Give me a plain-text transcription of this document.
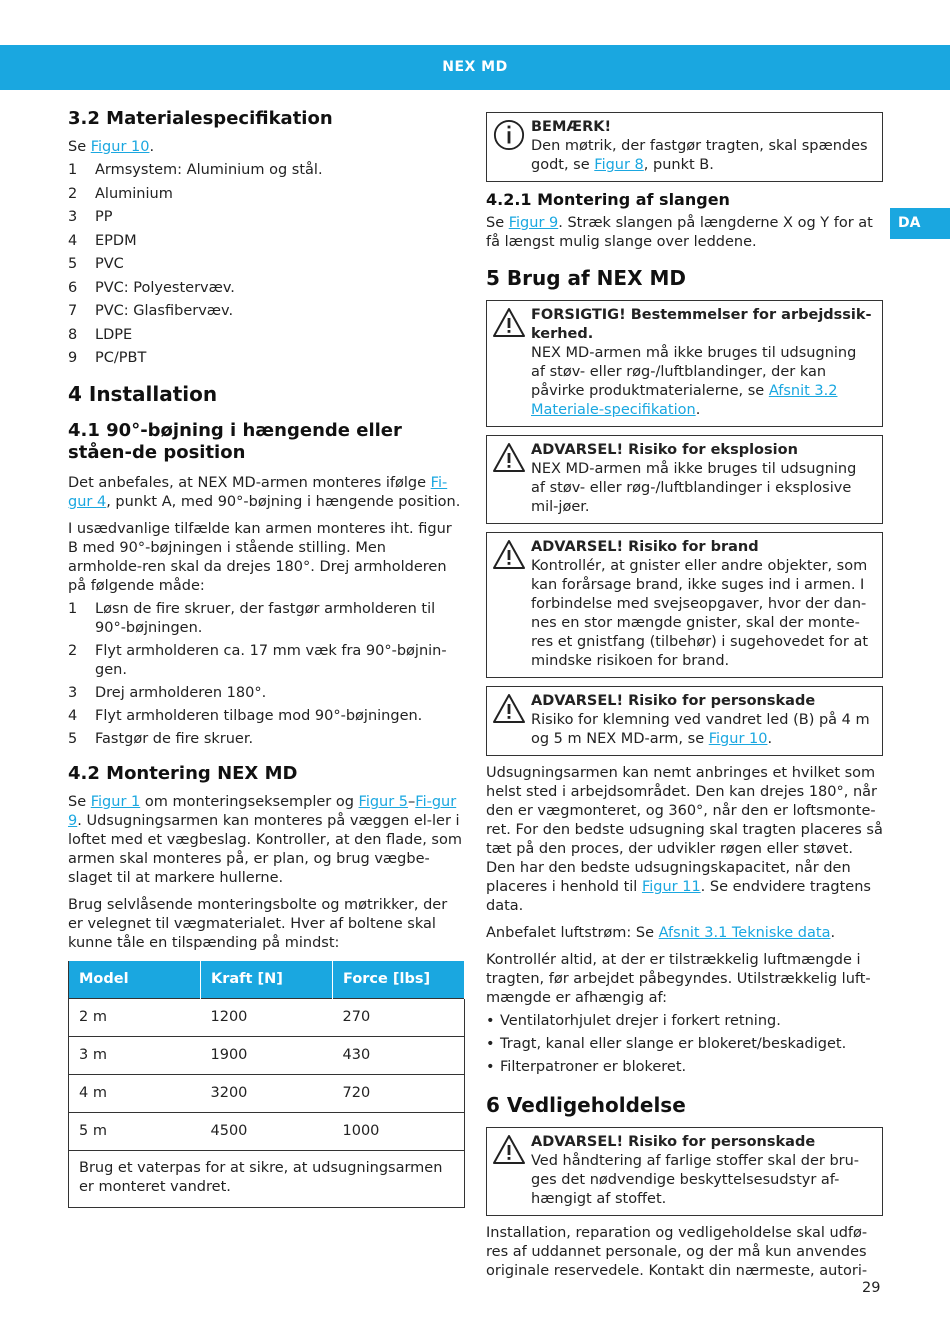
NEX MD
DA
3.2 Materialespecifikation

Se Figur 10.

1	Armsystem: Aluminium og stål.
2	Aluminium
3	PP
4	EPDM
5	PVC
6	PVC: Polyestervæv.
7	PVC: Glasfibervæv.
8	LDPE
9	PC/PBT
4 Installation
4.1 90°-bøjning i hængende eller ståen-de position

Det anbefales, at NEX MD-armen monteres ifølge Fi-gur 4, punkt A, med 90°-bøjning i hængende position.

I usædvanlige tilfælde kan armen monteres iht. figur B med 90°-bøjningen i stående stilling. Men armholde-ren skal da drejes 180°. Drej armholderen på følgende måde:

1	Løsn de fire skruer, der fastgør armholderen til 90°-bøjningen.
2	Flyt armholderen ca. 17 mm væk fra 90°-bøjnin-gen.
3	Drej armholderen 180°.
4	Flyt armholderen tilbage mod 90°-bøjningen.
5	Fastgør de fire skruer.
4.2 Montering NEX MD

Se Figur 1 om monteringseksempler og Figur 5–Fi-gur 9. Udsugningsarmen kan monteres på væggen el-ler i loftet med et vægbeslag. Kontroller, at den flade, som armen skal monteres på, er plan, og brug vægbe-slaget til at markere hullerne.

Brug selvlåsende monteringsbolte og møtrikker, der er velegnet til vægmaterialet. Hver af boltene skal kunne tåle en tilspænding på mindst:

Model	Kraft [N]	Force [lbs]
2 m	1200	270
3 m	1900	430
4 m	3200	720
5 m	4500	1000
Brug et vaterpas for at sikre, at udsugningsarmen er monteret vandret.		
BEMÆRK!
Den møtrik, der fastgør tragten, skal spændes godt, se Figur 8, punkt B.
4.2.1 Montering af slangen

Se Figur 9. Stræk slangen på længderne X og Y for at få længst mulig slange over leddene.

5 Brug af NEX MD
FORSIGTIG! Bestemmelser for arbejdssik-kerhed.
NEX MD-armen må ikke bruges til udsugning af støv- eller røg-/luftblandinger, der kan påvirke produktmaterialerne, se Afsnit 3.2 Materiale-specifikation.
ADVARSEL! Risiko for eksplosion
NEX MD-armen må ikke bruges til udsugning af støv- eller røg-/luftblandinger i eksplosive mil-jøer.
ADVARSEL! Risiko for brand
Kontrollér, at gnister eller andre objekter, som kan forårsage brand, ikke suges ind i armen. I forbindelse med svejseopgaver, hvor der dan-nes en stor mængde gnister, skal der monte-res et gnistfang (tilbehør) i sugehovedet for at mindske risikoen for brand.
ADVARSEL! Risiko for personskade
Risiko for klemning ved vandret led (B) på 4 m og 5 m NEX MD-arm, se Figur 10.

Udsugningsarmen kan nemt anbringes et hvilket som helst sted i arbejdsområdet. Den kan drejes 180°, når den er vægmonteret, og 360°, når den er loftsmonte-ret. For den bedste udsugning skal tragten placeres så tæt på den proces, der udvikler røgen eller støvet. Den har den bedste udsugningskapacitet, når den placeres i henhold til Figur 11. Se endvidere tragtens data.

Anbefalet luftstrøm: Se Afsnit 3.1 Tekniske data.

Kontrollér altid, at der er tilstrækkelig luftmængde i tragten, før arbejdet påbegyndes. Utilstrækkelig luft-mængde er afhængig af:

• Ventilatorhjulet drejer i forkert retning.
• Tragt, kanal eller slange er blokeret/beskadiget.
• Filterpatroner er blokeret.
6 Vedligeholdelse
ADVARSEL! Risiko for personskade
Ved håndtering af farlige stoffer skal der bru-ges det nødvendige beskyttelsesudstyr af-hængigt af stoffet.

Installation, reparation og vedligeholdelse skal udfø-res af uddannet personale, og der må kun anvendes originale reservedele. Kontakt din nærmeste, autori-

29
